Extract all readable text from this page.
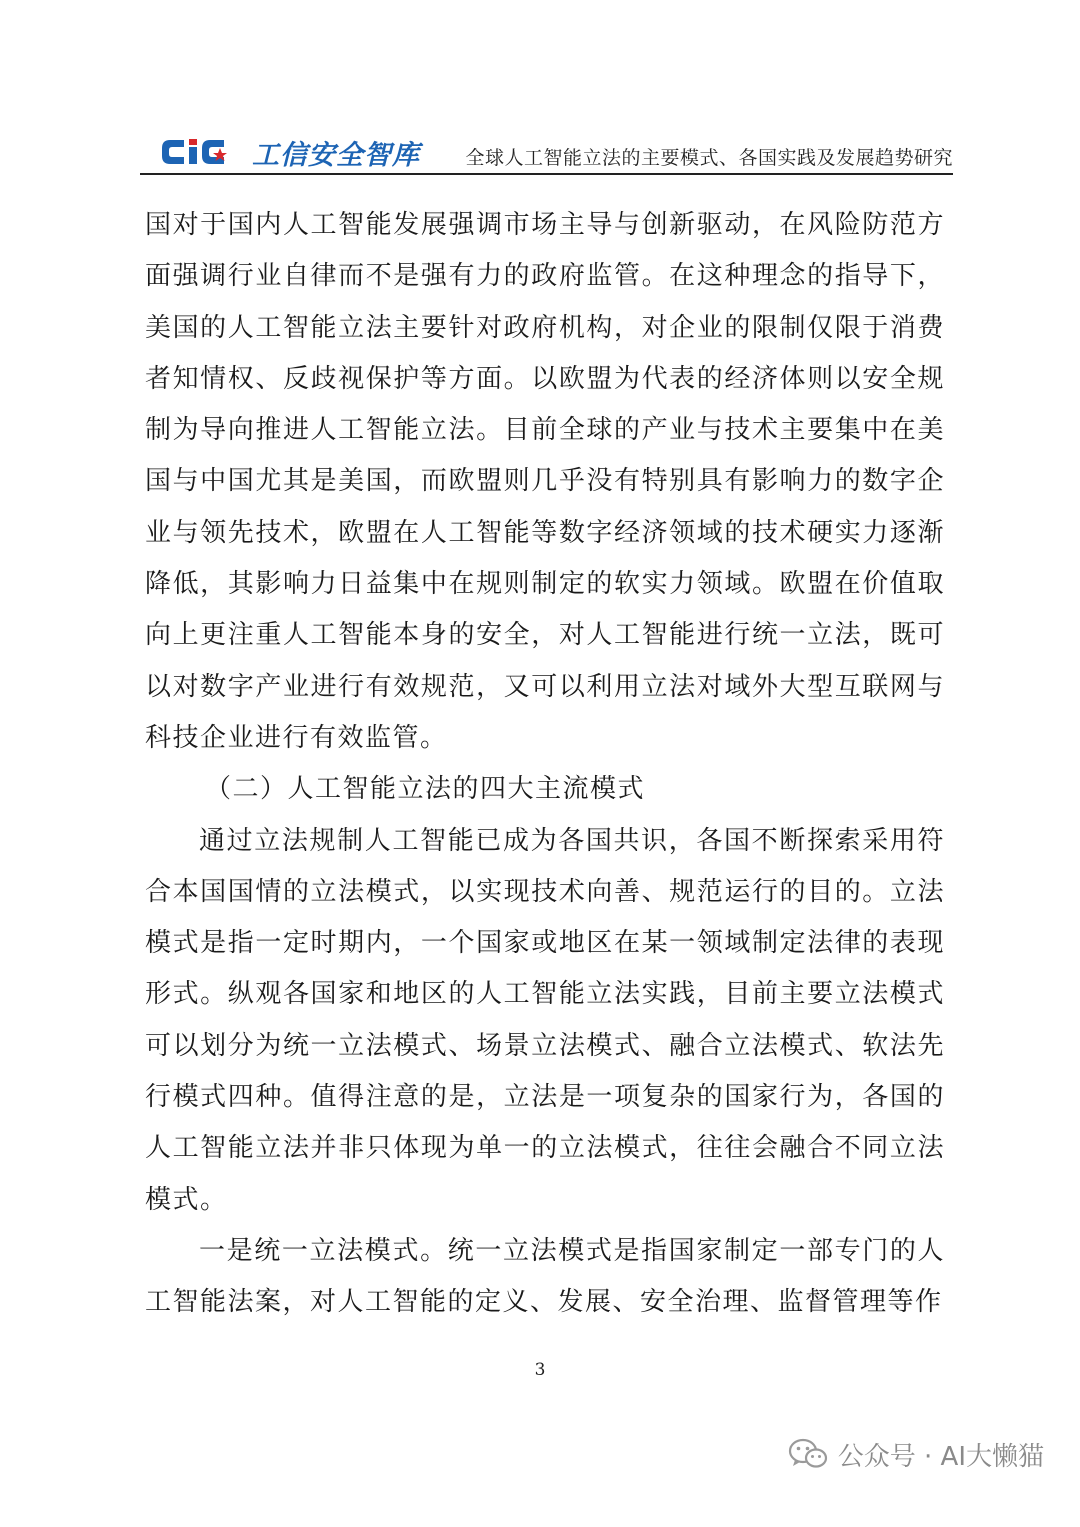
工信安全智库 全球人工智能立法的主要模式、各国实践及发展趋势研究

国对于国内人工智能发展强调市场主导与创新驱动，在风险防范方面强调行业自律而不是强有力的政府监管。在这种理念的指导下，美国的人工智能立法主要针对政府机构，对企业的限制仅限于消费者知情权、反歧视保护等方面。以欧盟为代表的经济体则以安全规制为导向推进人工智能立法。目前全球的产业与技术主要集中在美国与中国尤其是美国，而欧盟则几乎没有特别具有影响力的数字企业与领先技术，欧盟在人工智能等数字经济领域的技术硬实力逐渐降低，其影响力日益集中在规则制定的软实力领域。欧盟在价值取向上更注重人工智能本身的安全，对人工智能进行统一立法，既可以对数字产业进行有效规范，又可以利用立法对域外大型互联网与科技企业进行有效监管。

（二）人工智能立法的四大主流模式

通过立法规制人工智能已成为各国共识，各国不断探索采用符合本国国情的立法模式，以实现技术向善、规范运行的目的。立法模式是指一定时期内，一个国家或地区在某一领域制定法律的表现形式。纵观各国家和地区的人工智能立法实践，目前主要立法模式可以划分为统一立法模式、场景立法模式、融合立法模式、软法先行模式四种。值得注意的是，立法是一项复杂的国家行为，各国的人工智能立法并非只体现为单一的立法模式，往往会融合不同立法模式。

一是统一立法模式。统一立法模式是指国家制定一部专门的人工智能法案，对人工智能的定义、发展、安全治理、监督管理等作

3
公众号 · AI大懒猫
